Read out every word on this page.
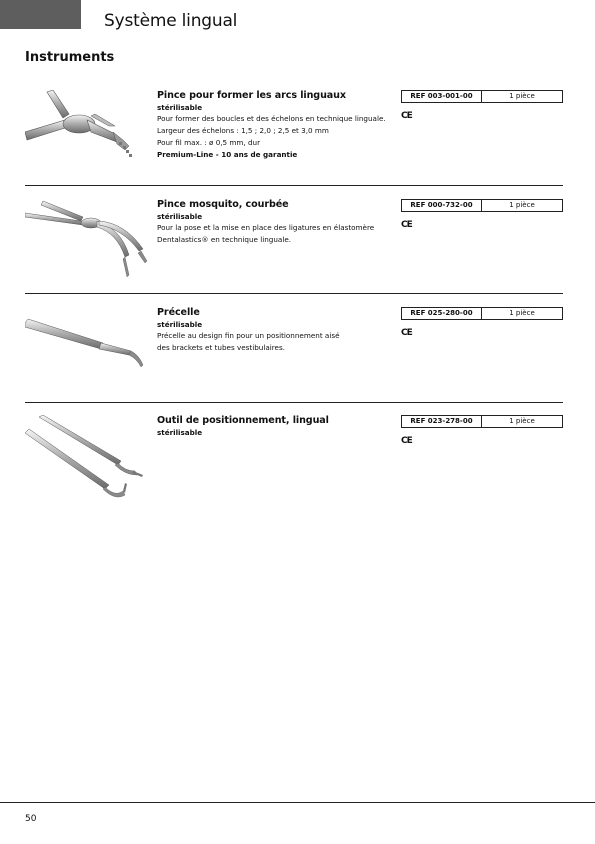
Système lingual
Instruments
Pince pour former les arcs linguaux
stérilisable
Pour former des boucles et des échelons en technique linguale.
Largeur des échelons : 1,5 ; 2,0 ; 2,5 et 3,0 mm
Pour fil max. : ø 0,5 mm, dur
Premium-Line - 10 ans de garantie
REF 003-001-00	1 pièce
CE
Pince mosquito, courbée
stérilisable
Pour la pose et la mise en place des ligatures en élastomère
Dentalastics® en technique linguale.
REF 000-732-00	1 pièce
CE
Précelle
stérilisable
Précelle au design fin pour un positionnement aisé
des brackets et tubes vestibulaires.
REF 025-280-00	1 pièce
CE
Outil de positionnement, lingual
stérilisable
REF 023-278-00	1 pièce
CE
50
